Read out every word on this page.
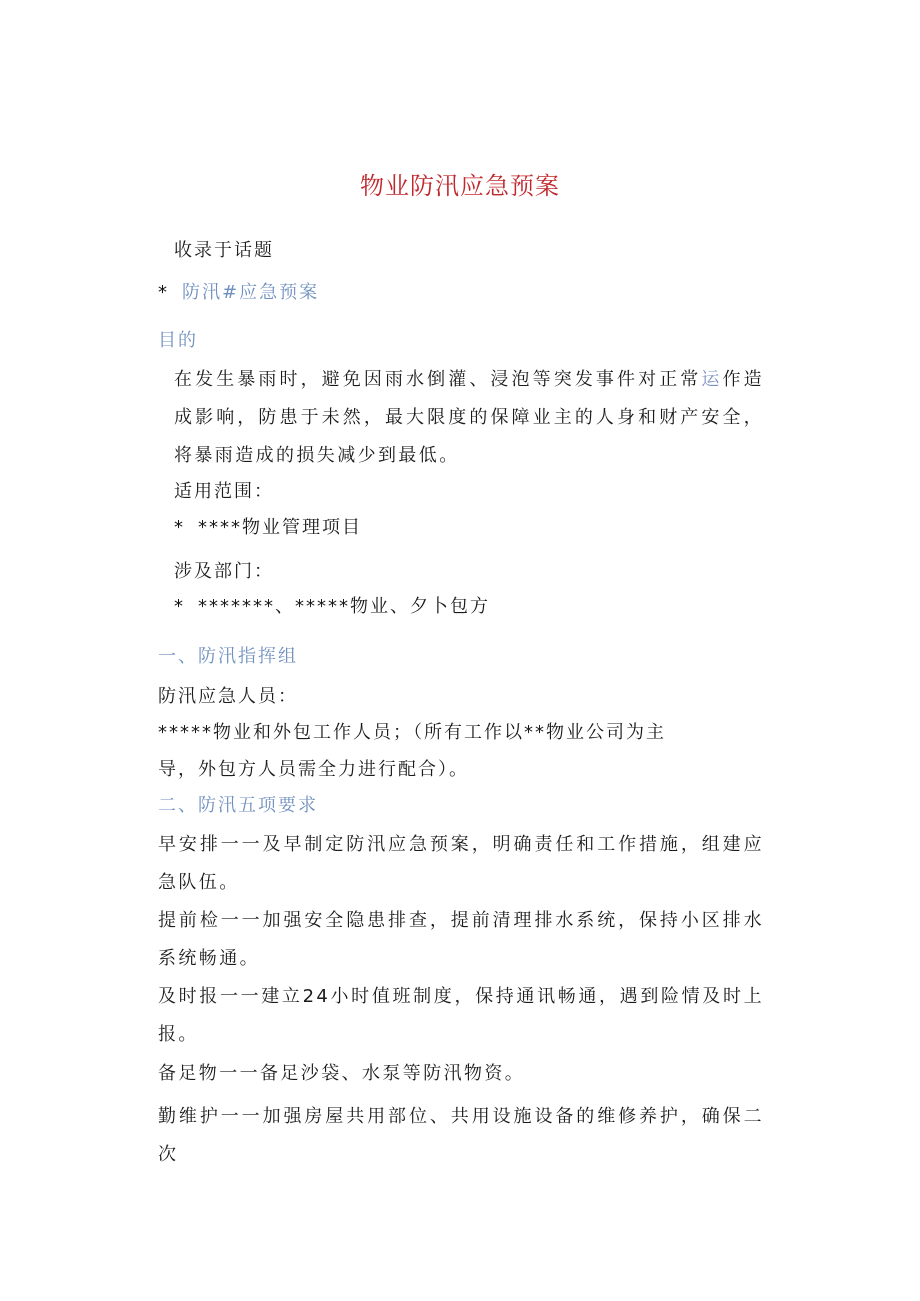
物业防汛应急预案
收录于话题
* 防汛#应急预案
目的
在发生暴雨时，避免因雨水倒灌、浸泡等突发事件对正常运作造成影响，防患于未然，最大限度的保障业主的人身和财产安全，将暴雨造成的损失减少到最低。
适用范围：
* ****物业管理项目
涉及部门：
* *******、*****物业、夕卜包方
一、防汛指挥组
防汛应急人员：
*****物业和外包工作人员；（所有工作以**物业公司为主
导，外包方人员需全力进行配合）。
二、防汛五项要求
早安排一一及早制定防汛应急预案，明确责任和工作措施，组建应急队伍。
提前检一一加强安全隐患排查，提前清理排水系统，保持小区排水系统畅通。
及时报一一建立24小时值班制度，保持通讯畅通，遇到险情及时上报。
备足物一一备足沙袋、水泵等防汛物资。
勤维护一一加强房屋共用部位、共用设施设备的维修养护，确保二次
